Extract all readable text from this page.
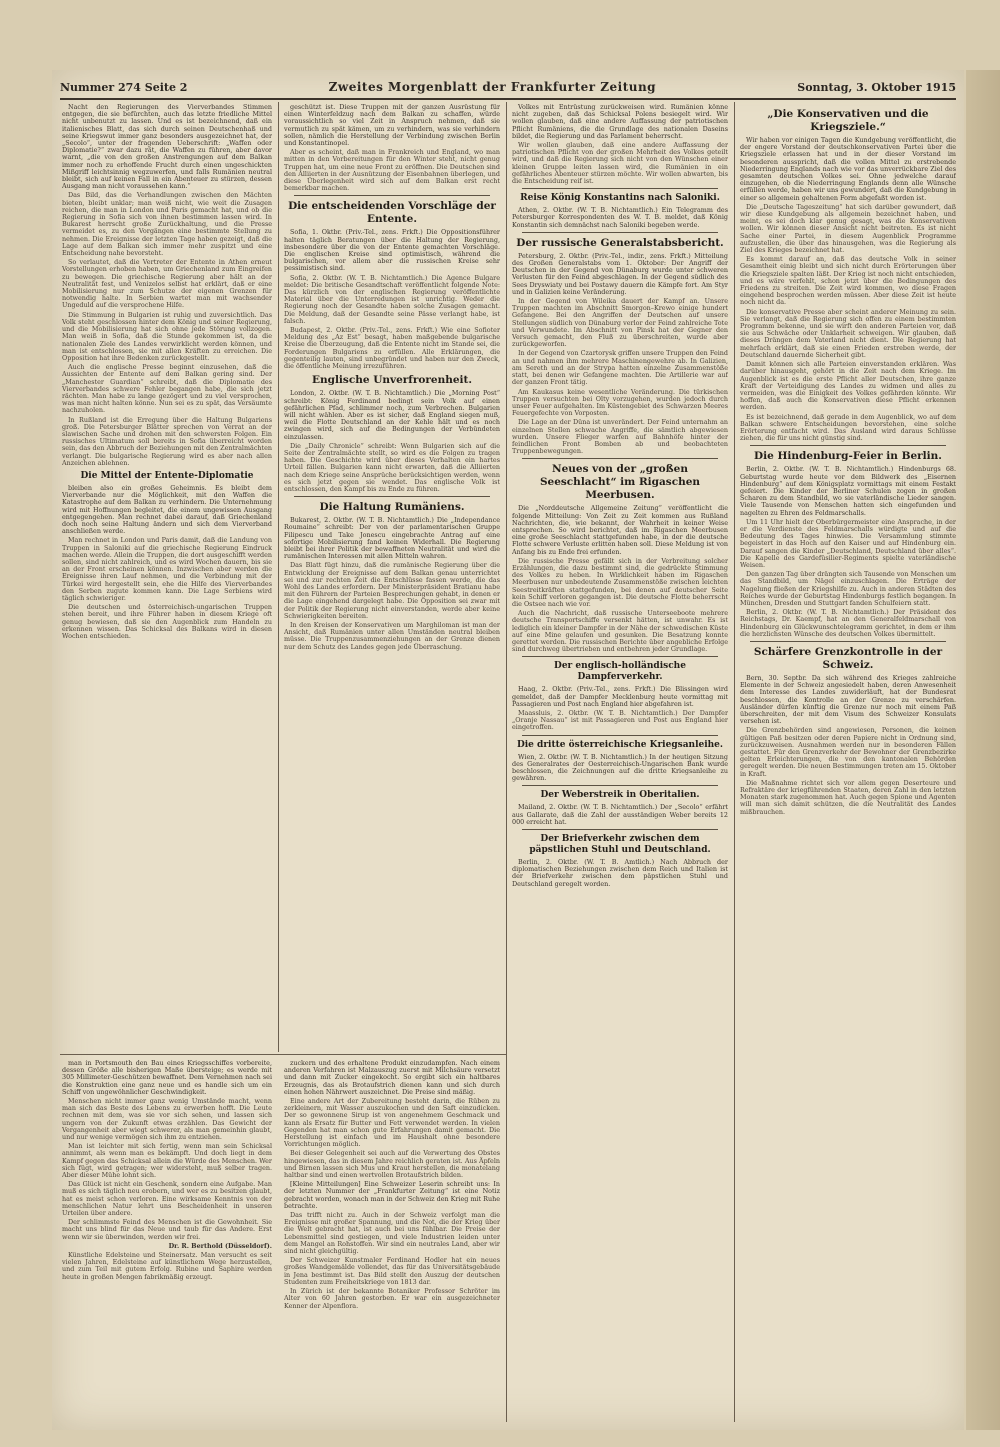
Nummer 274 Seite 2	Zweites Morgenblatt der Frankfurter Zeitung	Sonntag, 3. Oktober 1915

Nacht den Regierungen des Vierverbandes Stimmen entgegen, die sie befürchten, auch das letzte friedliche Mittel nicht unbenutzt zu lassen. Und es ist bezeichnend, daß ein italienisches Blatt, das sich durch seinen Deutschenhaß und seine Kriegswut immer ganz besonders ausgezeichnet hat, der „Secolo“, unter der fragenden Ueberschrift: „Waffen oder Diplomatie?“ zwar dazu rät, die Waffen zu führen, aber davor warnt, „die von den großen Anstrengungen auf dem Balkan immer noch zu erhoffende Frucht durch einen ungeschickten Mißgriff leichtsinnig wegzuwerfen, und falls Rumänien neutral bleibt, sich auf keinen Fall in ein Abenteuer zu stürzen, dessen Ausgang man nicht voraussehen kann.“

Das Bild, das die Verhandlungen zwischen den Mächten bieten, bleibt unklar; man weiß nicht, wie weit die Zusagen reichen, die man in London und Paris gemacht hat, und ob die Regierung in Sofia sich von ihnen bestimmen lassen wird. In Bukarest herrscht große Zurückhaltung, und die Presse vermeidet es, zu den Vorgängen eine bestimmte Stellung zu nehmen. Die Ereignisse der letzten Tage haben gezeigt, daß die Lage auf dem Balkan sich immer mehr zuspitzt und eine Entscheidung nahe bevorsteht.

So verlautet, daß die Vertreter der Entente in Athen erneut Vorstellungen erhoben haben, um Griechenland zum Eingreifen zu bewegen. Die griechische Regierung aber hält an der Neutralität fest, und Venizelos selbst hat erklärt, daß er eine Mobilisierung nur zum Schutze der eigenen Grenzen für notwendig halte. In Serbien wartet man mit wachsender Ungeduld auf die versprochene Hilfe.

Die Stimmung in Bulgarien ist ruhig und zuversichtlich. Das Volk steht geschlossen hinter dem König und seiner Regierung, und die Mobilisierung hat sich ohne jede Störung vollzogen. Man weiß in Sofia, daß die Stunde gekommen ist, da die nationalen Ziele des Landes verwirklicht werden können, und man ist entschlossen, sie mit allen Kräften zu erreichen. Die Opposition hat ihre Bedenken zurückgestellt.

Auch die englische Presse beginnt einzusehen, daß die Aussichten der Entente auf dem Balkan gering sind. Der „Manchester Guardian“ schreibt, daß die Diplomatie des Vierverbandes schwere Fehler begangen habe, die sich jetzt rächten. Man habe zu lange gezögert und zu viel versprochen, was man nicht halten könne. Nun sei es zu spät, das Versäumte nachzuholen.

In Rußland ist die Erregung über die Haltung Bulgariens groß. Die Petersburger Blätter sprechen von Verrat an der slawischen Sache und drohen mit den schwersten Folgen. Ein russisches Ultimatum soll bereits in Sofia überreicht worden sein, das den Abbruch der Beziehungen mit den Zentralmächten verlangt. Die bulgarische Regierung wird es aber nach allen Anzeichen ablehnen.

Die Mittel der Entente-Diplomatie

bleiben also ein großes Geheimnis. Es bleibt dem Vierverbande nur die Möglichkeit, mit den Waffen die Katastrophe auf dem Balkan zu verhindern. Die Unternehmung wird mit Hoffnungen begleitet, die einem ungewissen Ausgang entgegengehen. Man rechnet dabei darauf, daß Griechenland doch noch seine Haltung ändern und sich dem Vierverband anschließen werde.

Man rechnet in London und Paris damit, daß die Landung von Truppen in Saloniki auf die griechische Regierung Eindruck machen werde. Allein die Truppen, die dort ausgeschifft werden sollen, sind nicht zahlreich, und es wird Wochen dauern, bis sie an der Front erscheinen können. Inzwischen aber werden die Ereignisse ihren Lauf nehmen, und die Verbindung mit der Türkei wird hergestellt sein, ehe die Hilfe des Vierverbandes den Serben zugute kommen kann. Die Lage Serbiens wird täglich schwieriger.

Die deutschen und österreichisch-ungarischen Truppen stehen bereit, und ihre Führer haben in diesem Kriege oft genug bewiesen, daß sie den Augenblick zum Handeln zu erkennen wissen. Das Schicksal des Balkans wird in diesen Wochen entschieden.

geschützt ist. Diese Truppen mit der ganzen Ausrüstung für einen Winterfeldzug nach dem Balkan zu schaffen, würde voraussichtlich so viel Zeit in Anspruch nehmen, daß sie vermutlich zu spät kämen, um zu verhindern, was sie verhindern sollen, nämlich die Herstellung der Verbindung zwischen Berlin und Konstantinopel.

Aber es scheint, daß man in Frankreich und England, wo man mitten in den Vorbereitungen für den Winter steht, nicht genug Truppen hat, um eine neue Front zu eröffnen. Die Deutschen sind den Alliierten in der Ausnützung der Eisenbahnen überlegen, und diese Überlegenheit wird sich auf dem Balkan erst recht bemerkbar machen.

Die entscheidenden Vorschläge der Entente.

Sofia, 1. Oktbr. (Priv.-Tel., zens. Frkft.) Die Oppositionsführer halten täglich Beratungen über die Haltung der Regierung, insbesondere über die von der Entente gemachten Vorschläge. Die englischen Kreise sind optimistisch, während die bulgarischen, vor allem aber die russischen Kreise sehr pessimistisch sind.

Sofia, 2. Oktbr. (W. T. B. Nichtamtlich.) Die Agence Bulgare meldet: Die britische Gesandtschaft veröffentlicht folgende Note: Das kürzlich von der englischen Regierung veröffentlichte Material über die Unterredungen ist unrichtig. Weder die Regierung noch der Gesandte haben solche Zusagen gemacht. Die Meldung, daß der Gesandte seine Pässe verlangt habe, ist falsch.

Budapest, 2. Oktbr. (Priv.-Tel., zens. Frkft.) Wie eine Sofioter Meldung des „Az Est“ besagt, haben maßgebende bulgarische Kreise die Überzeugung, daß die Entente nicht im Stande sei, die Forderungen Bulgariens zu erfüllen. Alle Erklärungen, die gegenteilig lauten, sind unbegründet und haben nur den Zweck, die öffentliche Meinung irrezuführen.

Englische Unverfrorenheit.

London, 2. Oktbr. (W. T. B. Nichtamtlich.) Die „Morning Post“ schreibt: König Ferdinand bedingt sein Volk auf einen gefährlichen Pfad, schlimmer noch, zum Verbrechen. Bulgarien will nicht wählen. Aber es ist sicher, daß England siegen muß, weil die Flotte Deutschland an der Kehle hält und es noch zwingen wird, sich auf die Bedingungen der Verbündeten einzulassen.

Die „Daily Chronicle“ schreibt: Wenn Bulgarien sich auf die Seite der Zentralmächte stellt, so wird es die Folgen zu tragen haben. Die Geschichte wird über dieses Verhalten ein hartes Urteil fällen. Bulgarien kann nicht erwarten, daß die Alliierten nach dem Kriege seine Ansprüche berücksichtigen werden, wenn es sich jetzt gegen sie wendet. Das englische Volk ist entschlossen, den Kampf bis zu Ende zu führen.

Die Haltung Rumäniens.

Bukarest, 2. Oktbr. (W. T. B. Nichtamtlich.) Die „Independance Roumaine“ schreibt: Der von der parlamentarischen Gruppe Filipescu und Take Jonescu eingebrachte Antrag auf eine sofortige Mobilisierung fand keinen Widerhall. Die Regierung bleibt bei ihrer Politik der bewaffneten Neutralität und wird die rumänischen Interessen mit allen Mitteln wahren.

Das Blatt fügt hinzu, daß die rumänische Regierung über die Entwicklung der Ereignisse auf dem Balkan genau unterrichtet sei und zur rechten Zeit die Entschlüsse fassen werde, die das Wohl des Landes erfordern. Der Ministerpräsident Bratianu habe mit den Führern der Parteien Besprechungen gehabt, in denen er die Lage eingehend dargelegt habe. Die Opposition sei zwar mit der Politik der Regierung nicht einverstanden, werde aber keine Schwierigkeiten bereiten.

In den Kreisen der Konservativen um Marghiloman ist man der Ansicht, daß Rumänien unter allen Umständen neutral bleiben müsse. Die Truppenzusammenziehungen an der Grenze dienen nur dem Schutz des Landes gegen jede Überraschung.

Volkes mit Entrüstung zurückweisen wird. Rumänien könne nicht zugeben, daß das Schicksal Polens besiegelt wird. Wir wollen glauben, daß eine andere Auffassung der patriotischen Pflicht Rumäniens, die die Grundlage des nationalen Daseins bildet, die Regierung und das Parlament beherrscht.

Wir wollen glauben, daß eine andere Auffassung der patriotischen Pflicht von der großen Mehrheit des Volkes geteilt wird, und daß die Regierung sich nicht von den Wünschen einer kleinen Gruppe leiten lassen wird, die Rumänien in ein gefährliches Abenteuer stürzen möchte. Wir wollen abwarten, bis die Entscheidung reif ist.

Reise König Konstantins nach Saloniki.

Athen, 2. Oktbr. (W. T. B. Nichtamtlich.) Ein Telegramm des Petersburger Korrespondenten des W. T. B. meldet, daß König Konstantin sich demnächst nach Saloniki begeben werde.

Der russische Generalstabsbericht.

Petersburg, 2. Oktbr. (Priv.-Tel., indir., zens. Frkft.) Mitteilung des Großen Generalstabs vom 1. Oktober: Der Angriff der Deutschen in der Gegend von Dünaburg wurde unter schweren Verlusten für den Feind abgeschlagen. In der Gegend südlich des Sees Dryswiaty und bei Postawy dauern die Kämpfe fort. Am Styr und in Galizien keine Veränderung.

In der Gegend von Wileika dauert der Kampf an. Unsere Truppen machten im Abschnitt Smorgon–Krewo einige hundert Gefangene. Bei den Angriffen der Deutschen auf unsere Stellungen südlich von Dünaburg verlor der Feind zahlreiche Tote und Verwundete. Im Abschnitt von Pinsk hat der Gegner den Versuch gemacht, den Fluß zu überschreiten, wurde aber zurückgeworfen.

In der Gegend von Czartorysk griffen unsere Truppen den Feind an und nahmen ihm mehrere Maschinengewehre ab. In Galizien, am Sereth und an der Strypa hatten einzelne Zusammenstöße statt, bei denen wir Gefangene machten. Die Artillerie war auf der ganzen Front tätig.

Am Kaukasus keine wesentliche Veränderung. Die türkischen Truppen versuchten bei Olty vorzugehen, wurden jedoch durch unser Feuer aufgehalten. Im Küstengebiet des Schwarzen Meeres Feuergefechte von Vorposten.

Die Lage an der Düna ist unverändert. Der Feind unternahm an einzelnen Stellen schwache Angriffe, die sämtlich abgewiesen wurden. Unsere Flieger warfen auf Bahnhöfe hinter der feindlichen Front Bomben ab und beobachteten Truppenbewegungen.

Neues von der „großen Seeschlacht“ im Rigaschen Meerbusen.

Die „Norddeutsche Allgemeine Zeitung“ veröffentlicht die folgende Mitteilung: Von Zeit zu Zeit kommen aus Rußland Nachrichten, die, wie bekannt, der Wahrheit in keiner Weise entsprechen. So wird berichtet, daß im Rigaschen Meerbusen eine große Seeschlacht stattgefunden habe, in der die deutsche Flotte schwere Verluste erlitten haben soll. Diese Meldung ist von Anfang bis zu Ende frei erfunden.

Die russische Presse gefällt sich in der Verbreitung solcher Erzählungen, die dazu bestimmt sind, die gedrückte Stimmung des Volkes zu heben. In Wirklichkeit haben im Rigaschen Meerbusen nur unbedeutende Zusammenstöße zwischen leichten Seestreitkräften stattgefunden, bei denen auf deutscher Seite kein Schiff verloren gegangen ist. Die deutsche Flotte beherrscht die Ostsee nach wie vor.

Auch die Nachricht, daß russische Unterseeboote mehrere deutsche Transportschiffe versenkt hätten, ist unwahr. Es ist lediglich ein kleiner Dampfer in der Nähe der schwedischen Küste auf eine Mine gelaufen und gesunken. Die Besatzung konnte gerettet werden. Die russischen Berichte über angebliche Erfolge sind durchweg übertrieben und entbehren jeder Grundlage.

Der englisch-holländische Dampferverkehr.

Haag, 2. Oktbr. (Priv.-Tel., zens. Frkft.) Die Blissingen wird gemeldet, daß der Dampfer Mecklenburg heute vormittag mit Passagieren und Post nach England hier abgefahren ist.

Maassluis, 2. Oktbr. (W. T. B. Nichtamtlich.) Der Dampfer „Oranje Nassau“ ist mit Passagieren und Post aus England hier eingetroffen.

Die dritte österreichische Kriegsanleihe.

Wien, 2. Oktbr. (W. T. B. Nichtamtlich.) In der heutigen Sitzung des Generalrates der Oesterreichisch-Ungarischen Bank wurde beschlossen, die Zeichnungen auf die dritte Kriegsanleihe zu gewähren.

Der Weberstreik in Oberitalien.

Mailand, 2. Oktbr. (W. T. B. Nichtamtlich.) Der „Secolo“ erfährt aus Gallarate, daß die Zahl der ausständigen Weber bereits 12 000 erreicht hat.

Der Briefverkehr zwischen dem päpstlichen Stuhl und Deutschland.

Berlin, 2. Oktbr. (W. T. B. Amtlich.) Nach Abbruch der diplomatischen Beziehungen zwischen dem Reich und Italien ist der Briefverkehr zwischen dem päpstlichen Stuhl und Deutschland geregelt worden.

„Die Konservativen und die Kriegsziele.“

Wir haben vor einigen Tagen die Kundgebung veröffentlicht, die der engere Vorstand der deutschkonservativen Partei über die Kriegsziele erlassen hat und in der dieser Vorstand im besonderen ausspricht, daß die vollen Mittel zu erstrebende Niederringung Englands nach wie vor das unverrückbare Ziel des gesamten deutschen Volkes sei. Ohne jedwelche darauf einzugehen, ob die Niederringung Englands denn alle Wünsche erfüllen werde, haben wir uns gewundert, daß die Kundgebung in einer so allgemein gehaltenen Form abgefaßt worden ist.

Die „Deutsche Tageszeitung“ hat sich darüber gewundert, daß wir diese Kundgebung als allgemein bezeichnet haben, und meint, es sei doch klar genug gesagt, was die Konservativen wollen. Wir können dieser Ansicht nicht beitreten. Es ist nicht Sache einer Partei, in diesem Augenblick Programme aufzustellen, die über das hinausgehen, was die Regierung als Ziel des Krieges bezeichnet hat.

Es kommt darauf an, daß das deutsche Volk in seiner Gesamtheit einig bleibt und sich nicht durch Erörterungen über die Kriegsziele spalten läßt. Der Krieg ist noch nicht entschieden, und es wäre verfehlt, schon jetzt über die Bedingungen des Friedens zu streiten. Die Zeit wird kommen, wo diese Fragen eingehend besprochen werden müssen. Aber diese Zeit ist heute noch nicht da.

Die konservative Presse aber scheint anderer Meinung zu sein. Sie verlangt, daß die Regierung sich offen zu einem bestimmten Programm bekenne, und sie wirft den anderen Parteien vor, daß sie aus Schwäche oder Unklarheit schweigen. Wir glauben, daß dieses Drängen dem Vaterland nicht dient. Die Regierung hat mehrfach erklärt, daß sie einen Frieden erstreben werde, der Deutschland dauernde Sicherheit gibt.

Damit können sich alle Parteien einverstanden erklären. Was darüber hinausgeht, gehört in die Zeit nach dem Kriege. Im Augenblick ist es die erste Pflicht aller Deutschen, ihre ganze Kraft der Verteidigung des Landes zu widmen und alles zu vermeiden, was die Einigkeit des Volkes gefährden könnte. Wir hoffen, daß auch die Konservativen diese Pflicht erkennen werden.

Es ist bezeichnend, daß gerade in dem Augenblick, wo auf dem Balkan schwere Entscheidungen bevorstehen, eine solche Erörterung entfacht wird. Das Ausland wird daraus Schlüsse ziehen, die für uns nicht günstig sind.

Die Hindenburg-Feier in Berlin.

Berlin, 2. Oktbr. (W. T. B. Nichtamtlich.) Hindenburgs 68. Geburtstag wurde heute vor dem Bildwerk des „Eisernen Hindenburg“ auf dem Königsplatz vormittags mit einem Festakt gefeiert. Die Kinder der Berliner Schulen zogen in großen Scharen zu dem Standbild, wo sie vaterländische Lieder sangen. Viele Tausende von Menschen hatten sich eingefunden und nagelten zu Ehren des Feldmarschalls.

Um 11 Uhr hielt der Oberbürgermeister eine Ansprache, in der er die Verdienste des Feldmarschalls würdigte und auf die Bedeutung des Tages hinwies. Die Versammlung stimmte begeistert in das Hoch auf den Kaiser und auf Hindenburg ein. Darauf sangen die Kinder „Deutschland, Deutschland über alles“. Die Kapelle des Gardefüsilier-Regiments spielte vaterländische Weisen.

Den ganzen Tag über drängten sich Tausende von Menschen um das Standbild, um Nägel einzuschlagen. Die Erträge der Nagelung fließen der Kriegshilfe zu. Auch in anderen Städten des Reiches wurde der Geburtstag Hindenburgs festlich begangen. In München, Dresden und Stuttgart fanden Schulfeiern statt.

Berlin, 2. Oktbr. (W. T. B. Nichtamtlich.) Der Präsident des Reichstags, Dr. Kaempf, hat an den Generalfeldmarschall von Hindenburg ein Glückwunschtelegramm gerichtet, in dem er ihm die herzlichsten Wünsche des deutschen Volkes übermittelt.

Schärfere Grenzkontrolle in der Schweiz.

Bern, 30. Septbr. Da sich während des Krieges zahlreiche Elemente in der Schweiz angesiedelt haben, deren Anwesenheit dem Interesse des Landes zuwiderläuft, hat der Bundesrat beschlossen, die Kontrolle an der Grenze zu verschärfen. Ausländer dürfen künftig die Grenze nur noch mit einem Paß überschreiten, der mit dem Visum des Schweizer Konsulats versehen ist.

Die Grenzbehörden sind angewiesen, Personen, die keinen gültigen Paß besitzen oder deren Papiere nicht in Ordnung sind, zurückzuweisen. Ausnahmen werden nur in besonderen Fällen gestattet. Für den Grenzverkehr der Bewohner der Grenzbezirke gelten Erleichterungen, die von den kantonalen Behörden geregelt werden. Die neuen Bestimmungen treten am 15. Oktober in Kraft.

Die Maßnahme richtet sich vor allem gegen Deserteure und Refraktäre der kriegführenden Staaten, deren Zahl in den letzten Monaten stark zugenommen hat. Auch gegen Spione und Agenten will man sich damit schützen, die die Neutralität des Landes mißbrauchen.

man in Portsmouth den Bau eines Kriegsschiffes vorbereite, dessen Größe alle bisherigen Maße übersteige; es werde mit 305 Millimeter-Geschützen bewaffnet. Dem Vernehmen nach sei die Konstruktion eine ganz neue und es handle sich um ein Schiff von ungewöhnlicher Geschwindigkeit.

Menschen nicht immer ganz wenig Umstände macht, wenn man sich das Beste des Lebens zu erwerben hofft. Die Leute rechnen mit dem, was sie vor sich sehen, und lassen sich ungern von der Zukunft etwas erzählen. Das Gewicht der Vergangenheit aber wiegt schwerer, als man gemeinhin glaubt, und nur wenige vermögen sich ihm zu entziehen.

Man ist leichter mit sich fertig, wenn man sein Schicksal annimmt, als wenn man es bekämpft. Und doch liegt in dem Kampf gegen das Schicksal allein die Würde des Menschen. Wer sich fügt, wird getragen; wer widersteht, muß selber tragen. Aber dieser Mühe lohnt sich.

Das Glück ist nicht ein Geschenk, sondern eine Aufgabe. Man muß es sich täglich neu erobern, und wer es zu besitzen glaubt, hat es meist schon verloren. Eine wirksame Kenntnis von der menschlichen Natur lehrt uns Bescheidenheit in unseren Urteilen über andere.

Der schlimmste Feind des Menschen ist die Gewohnheit. Sie macht uns blind für das Neue und taub für das Andere. Erst wenn wir sie überwinden, werden wir frei.

Dr. R. Berthold (Düsseldorf).

Künstliche Edelsteine und Steinersatz. Man versucht es seit vielen Jahren, Edelsteine auf künstlichem Wege herzustellen, und zum Teil mit gutem Erfolg. Rubine und Saphire werden heute in großen Mengen fabrikmäßig erzeugt.

zuckern und des erhaltene Produkt einzudampfen. Nach einem anderen Verfahren ist Malzauszug zuerst mit Milchsäure versetzt und dann mit Zucker eingekocht. So ergibt sich ein haltbares Erzeugnis, das als Brotaufstrich dienen kann und sich durch einen hohen Nährwert auszeichnet. Die Preise sind mäßig.

Eine andere Art der Zubereitung besteht darin, die Rüben zu zerkleinern, mit Wasser auszukochen und den Saft einzudicken. Der so gewonnene Sirup ist von angenehmem Geschmack und kann als Ersatz für Butter und Fett verwendet werden. In vielen Gegenden hat man schon gute Erfahrungen damit gemacht. Die Herstellung ist einfach und im Haushalt ohne besondere Vorrichtungen möglich.

Bei dieser Gelegenheit sei auch auf die Verwertung des Obstes hingewiesen, das in diesem Jahre reichlich geraten ist. Aus Äpfeln und Birnen lassen sich Mus und Kraut herstellen, die monatelang haltbar sind und einen wertvollen Brotaufstrich bilden.

[Kleine Mitteilungen] Eine Schweizer Leserin schreibt uns: In der letzten Nummer der „Frankfurter Zeitung“ ist eine Notiz gebracht worden, wonach man in der Schweiz den Krieg mit Ruhe betrachte.

Das trifft nicht zu. Auch in der Schweiz verfolgt man die Ereignisse mit großer Spannung, und die Not, die der Krieg über die Welt gebracht hat, ist auch bei uns fühlbar. Die Preise der Lebensmittel sind gestiegen, und viele Industrien leiden unter dem Mangel an Rohstoffen. Wir sind ein neutrales Land, aber wir sind nicht gleichgültig.

Der Schweizer Kunstmaler Ferdinand Hodler hat ein neues großes Wandgemälde vollendet, das für das Universitätsgebäude in Jena bestimmt ist. Das Bild stellt den Auszug der deutschen Studenten zum Freiheitskriege von 1813 dar.

In Zürich ist der bekannte Botaniker Professor Schröter im Alter von 60 Jahren gestorben. Er war ein ausgezeichneter Kenner der Alpenflora.
